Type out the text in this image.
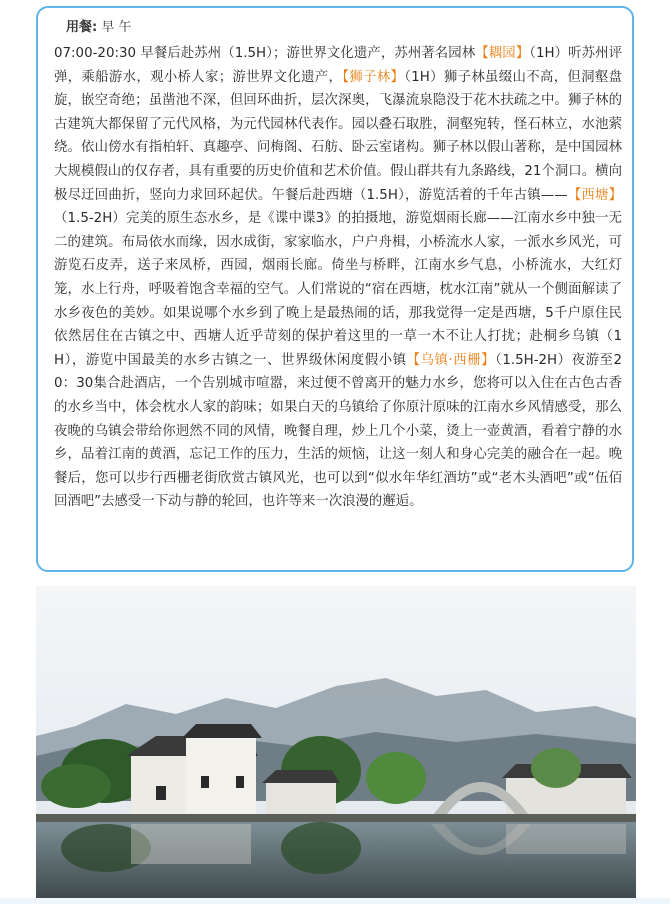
用餐: 早 午
07:00-20:30 早餐后赴苏州（1.5H）；游世界文化遗产，苏州著名园林【耦园】（1H）听苏州评弹，乘船游水，观小桥人家；游世界文化遗产，【狮子林】（1H）狮子林虽缀山不高，但洞壑盘旋，嵌空奇绝；虽凿池不深，但回环曲折，层次深奥，飞瀑流泉隐没于花木扶疏之中。狮子林的古建筑大都保留了元代风格，为元代园林代表作。园以叠石取胜，洞壑宛转，怪石林立，水池萦绕。依山傍水有指柏轩、真趣亭、问梅阁、石舫、卧云室诸构。狮子林以假山著称，是中国园林大规模假山的仅存者，具有重要的历史价值和艺术价值。假山群共有九条路线，21个洞口。横向极尽迂回曲折，竖向力求回环起伏。午餐后赴西塘（1.5H），游览活着的千年古镇——【西塘】（1.5-2H）完美的原生态水乡，是《谍中谍3》的拍摄地，游览烟雨长廊——江南水乡中独一无二的建筑。布局依水而缘，因水成街，家家临水，户户舟楫，小桥流水人家，一派水乡风光，可游览石皮弄，送子来凤桥，西园，烟雨长廊。倚坐与桥畔，江南水乡气息，小桥流水，大红灯笼，水上行舟，呼吸着饱含幸福的空气。人们常说的“宿在西塘，枕水江南”就从一个侧面解读了水乡夜色的美妙。如果说哪个水乡到了晚上是最热闹的话，那我觉得一定是西塘，5千户原住民依然居住在古镇之中、西塘人近乎苛刻的保护着这里的一草一木不让人打扰；赴桐乡乌镇（1H），游览中国最美的水乡古镇之一、世界级休闲度假小镇【乌镇·西栅】（1.5H-2H）夜游至20：30集合赴酒店，一个告别城市喧嚣，来过便不曾离开的魅力水乡，您将可以入住在古色古香的水乡当中，体会枕水人家的韵味；如果白天的乌镇给了你原汁原味的江南水乡风情感受，那么夜晚的乌镇会带给你迥然不同的风情，晚餐自理，炒上几个小菜，烫上一壶黄酒，看着宁静的水乡，品着江南的黄酒，忘记工作的压力，生活的烦恼，让这一刻人和身心完美的融合在一起。晚餐后，您可以步行西栅老街欣赏古镇风光，也可以到“似水年华红酒坊”或“老木头酒吧”或“伍佰回酒吧”去感受一下动与静的轮回，也许等来一次浪漫的邂逅。
